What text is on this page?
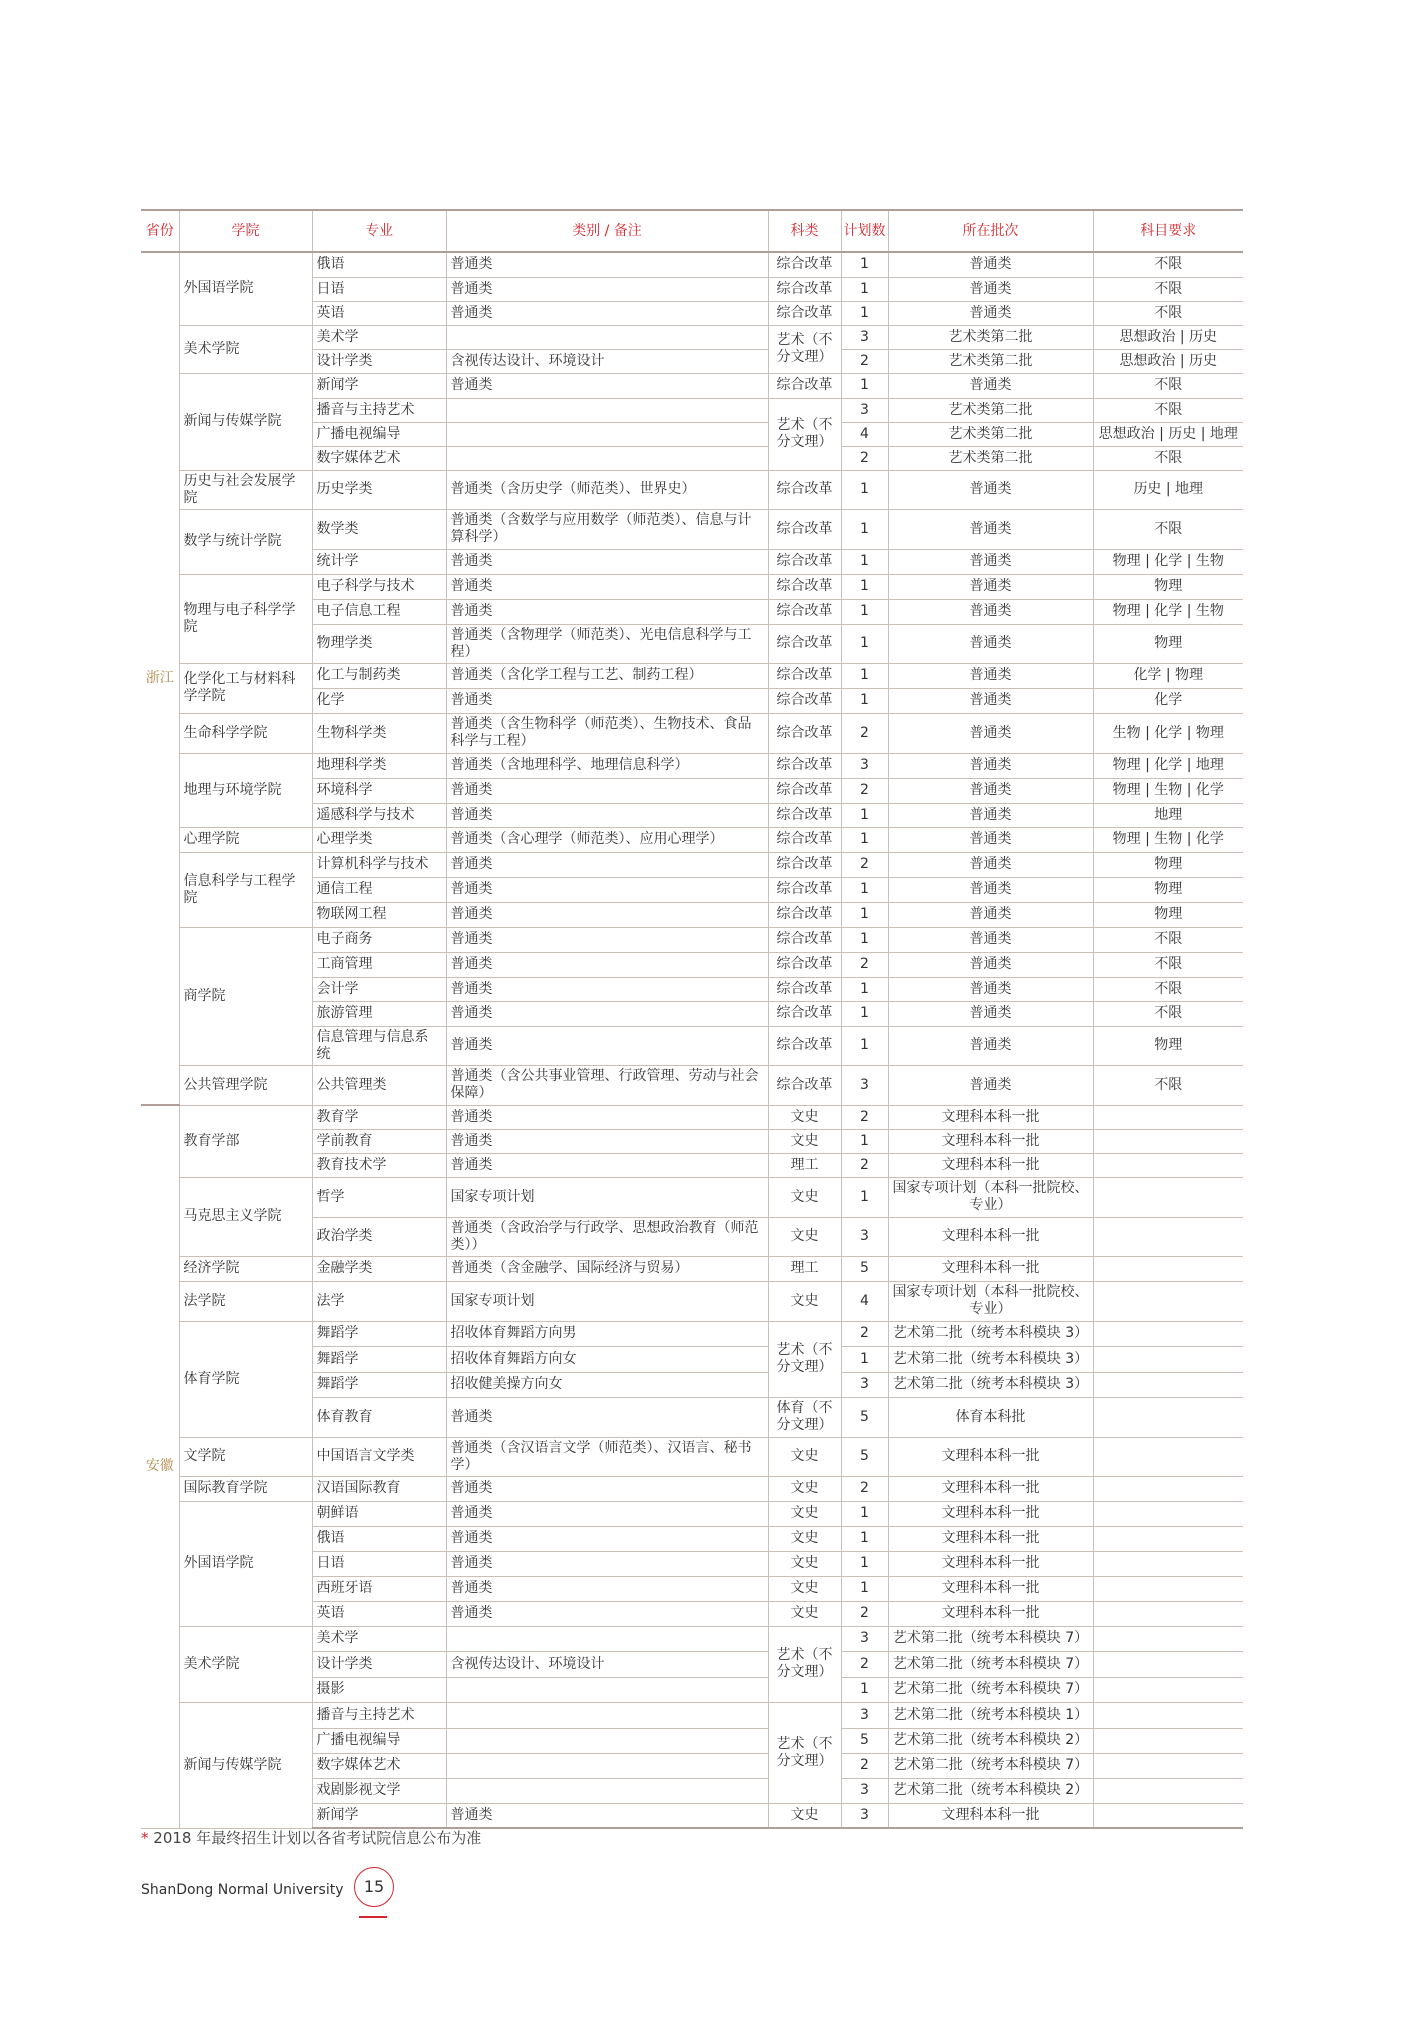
省份	学院	专业	类别 / 备注	科类	计划数	所在批次	科目要求
浙江	外国语学院	俄语	普通类	综合改革	1	普通类	不限
		日语	普通类	综合改革	1	普通类	不限
		英语	普通类	综合改革	1	普通类	不限
	美术学院	美术学		艺术（不分文理）	3	艺术类第二批	思想政治 | 历史
		设计学类	含视传达设计、环境设计		2	艺术类第二批	思想政治 | 历史
	新闻与传媒学院	新闻学	普通类	综合改革	1	普通类	不限
		播音与主持艺术		艺术（不分文理）	3	艺术类第二批	不限
		广播电视编导			4	艺术类第二批	思想政治 | 历史 | 地理
		数字媒体艺术			2	艺术类第二批	不限
	历史与社会发展学院	历史学类	普通类（含历史学（师范类）、世界史）	综合改革	1	普通类	历史 | 地理
	数学与统计学院	数学类	普通类（含数学与应用数学（师范类）、信息与计算科学）	综合改革	1	普通类	不限
		统计学	普通类	综合改革	1	普通类	物理 | 化学 | 生物
	物理与电子科学学院	电子科学与技术	普通类	综合改革	1	普通类	物理
		电子信息工程	普通类	综合改革	1	普通类	物理 | 化学 | 生物
		物理学类	普通类（含物理学（师范类）、光电信息科学与工程）	综合改革	1	普通类	物理
	化学化工与材料科学学院	化工与制药类	普通类（含化学工程与工艺、制药工程）	综合改革	1	普通类	化学 | 物理
		化学	普通类	综合改革	1	普通类	化学
	生命科学学院	生物科学类	普通类（含生物科学（师范类）、生物技术、食品科学与工程）	综合改革	2	普通类	生物 | 化学 | 物理
	地理与环境学院	地理科学类	普通类（含地理科学、地理信息科学）	综合改革	3	普通类	物理 | 化学 | 地理
		环境科学	普通类	综合改革	2	普通类	物理 | 生物 | 化学
		遥感科学与技术	普通类	综合改革	1	普通类	地理
	心理学院	心理学类	普通类（含心理学（师范类）、应用心理学）	综合改革	1	普通类	物理 | 生物 | 化学
	信息科学与工程学院	计算机科学与技术	普通类	综合改革	2	普通类	物理
		通信工程	普通类	综合改革	1	普通类	物理
		物联网工程	普通类	综合改革	1	普通类	物理
	商学院	电子商务	普通类	综合改革	1	普通类	不限
		工商管理	普通类	综合改革	2	普通类	不限
		会计学	普通类	综合改革	1	普通类	不限
		旅游管理	普通类	综合改革	1	普通类	不限
		信息管理与信息系统	普通类	综合改革	1	普通类	物理
	公共管理学院	公共管理类	普通类（含公共事业管理、行政管理、劳动与社会保障）	综合改革	3	普通类	不限
安徽	教育学部	教育学	普通类	文史	2	文理科本科一批	
		学前教育	普通类	文史	1	文理科本科一批	
		教育技术学	普通类	理工	2	文理科本科一批	
	马克思主义学院	哲学	国家专项计划	文史	1	国家专项计划（本科一批院校、专业）	
		政治学类	普通类（含政治学与行政学、思想政治教育（师范类））	文史	3	文理科本科一批	
	经济学院	金融学类	普通类（含金融学、国际经济与贸易）	理工	5	文理科本科一批	
	法学院	法学	国家专项计划	文史	4	国家专项计划（本科一批院校、专业）	
	体育学院	舞蹈学	招收体育舞蹈方向男	艺术（不分文理）	2	艺术第二批（统考本科模块 3）	
		舞蹈学	招收体育舞蹈方向女		1	艺术第二批（统考本科模块 3）	
		舞蹈学	招收健美操方向女		3	艺术第二批（统考本科模块 3）	
		体育教育	普通类	体育（不分文理）	5	体育本科批	
	文学院	中国语言文学类	普通类（含汉语言文学（师范类）、汉语言、秘书学）	文史	5	文理科本科一批	
	国际教育学院	汉语国际教育	普通类	文史	2	文理科本科一批	
	外国语学院	朝鲜语	普通类	文史	1	文理科本科一批	
		俄语	普通类	文史	1	文理科本科一批	
		日语	普通类	文史	1	文理科本科一批	
		西班牙语	普通类	文史	1	文理科本科一批	
		英语	普通类	文史	2	文理科本科一批	
	美术学院	美术学		艺术（不分文理）	3	艺术第二批（统考本科模块 7）	
		设计学类	含视传达设计、环境设计		2	艺术第二批（统考本科模块 7）	
		摄影			1	艺术第二批（统考本科模块 7）	
	新闻与传媒学院	播音与主持艺术		艺术（不分文理）	3	艺术第二批（统考本科模块 1）	
		广播电视编导			5	艺术第二批（统考本科模块 2）	
		数字媒体艺术			2	艺术第二批（统考本科模块 7）	
		戏剧影视文学			3	艺术第二批（统考本科模块 2）	
		新闻学	普通类	文史	3	文理科本科一批	
* 2018 年最终招生计划以各省考试院信息公布为准
ShanDong Normal University	15
